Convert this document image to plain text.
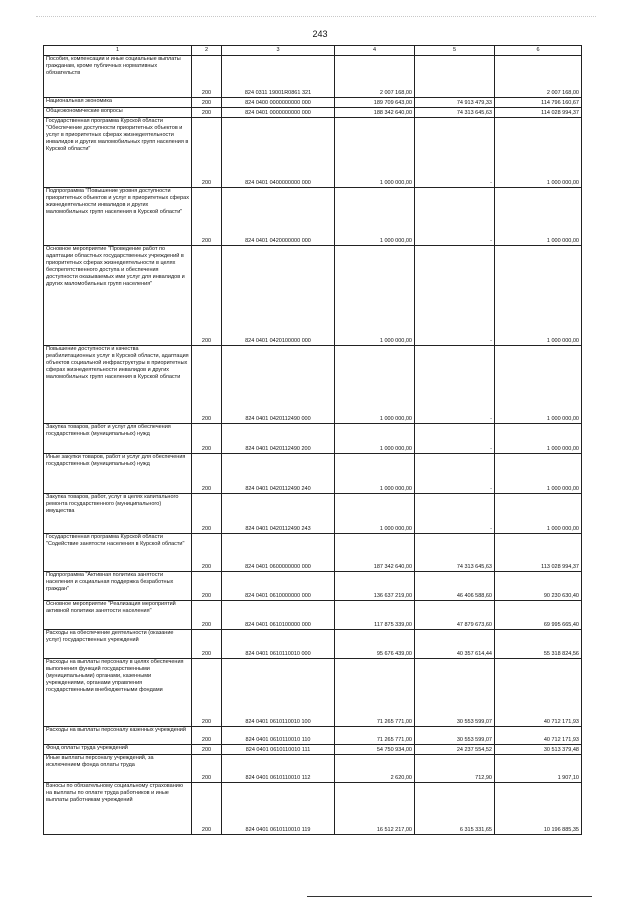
243
1	2	3	4	5	6
Пособия, компенсации и иные социальные выплаты гражданам, кроме публичных нормативных обязательств	200	824 0311 19001R0861 321	2 007 168,00		2 007 168,00
Национальная экономика	200	824 0400 0000000000 000	189 709 643,00	74 913 479,33	114 796 160,67
Общеэкономические вопросы	200	824 0401 0000000000 000	188 342 640,00	74 313 645,63	114 028 994,37
Государственная программа Курской области "Обеспечение доступности приоритетных объектов и услуг в приоритетных сферах жизнедеятельности инвалидов и других маломобильных групп населения в Курской области"	200	824 0401 0400000000 000	1 000 000,00	-	1 000 000,00
Подпрограмма "Повышение уровня доступности приоритетных объектов и услуг в приоритетных сферах жизнедеятельности инвалидов и других маломобильных групп населения в Курской области"	200	824 0401 0420000000 000	1 000 000,00	-	1 000 000,00
Основное мероприятие "Проведение работ по адаптации областных государственных учреждений в приоритетных сферах жизнедеятельности в целях беспрепятственного доступа и обеспечения доступности оказываемых ими услуг для инвалидов и других маломобильных групп населения"	200	824 0401 0420100000 000	1 000 000,00	-	1 000 000,00
Повышение доступности и качества реабилитационных услуг в Курской области, адаптация объектов социальной инфраструктуры в приоритетных сферах жизнедеятельности инвалидов и других маломобильных групп населения в Курской области	200	824 0401 0420112490 000	1 000 000,00	-	1 000 000,00
Закупка товаров, работ и услуг для обеспечения государственных (муниципальных) нужд	200	824 0401 0420112490 200	1 000 000,00	-	1 000 000,00
Иные закупки товаров, работ и услуг для обеспечения государственных (муниципальных) нужд	200	824 0401 0420112490 240	1 000 000,00	-	1 000 000,00
Закупка товаров, работ, услуг в целях капитального ремонта государственного (муниципального) имущества	200	824 0401 0420112490 243	1 000 000,00	-	1 000 000,00
Государственная программа Курской области "Содействие занятости населения в Курской области"	200	824 0401 0600000000 000	187 342 640,00	74 313 645,63	113 028 994,37
Подпрограмма "Активная политика занятости населения и социальная поддержка безработных граждан"	200	824 0401 0610000000 000	136 637 219,00	46 406 588,60	90 230 630,40
Основное мероприятие "Реализация мероприятий активной политики занятости населения"	200	824 0401 0610100000 000	117 875 339,00	47 879 673,60	69 995 665,40
Расходы на обеспечение деятельности (оказание услуг) государственных учреждений	200	824 0401 0610110010 000	95 676 439,00	40 357 614,44	55 318 824,56
Расходы на выплаты персоналу в целях обеспечения выполнения функций государственными (муниципальными) органами, казенными учреждениями, органами управления государственными внебюджетными фондами	200	824 0401 0610110010 100	71 265 771,00	30 553 599,07	40 712 171,93
Расходы на выплаты персоналу казенных учреждений	200	824 0401 0610110010 110	71 265 771,00	30 553 599,07	40 712 171,93
Фонд оплаты труда учреждений	200	824 0401 0610110010 111	54 750 934,00	24 237 554,52	30 513 379,48
Иные выплаты персоналу учреждений, за исключением фонда оплаты труда	200	824 0401 0610110010 112	2 620,00	712,90	1 907,10
Взносы по обязательному социальному страхованию на выплаты по оплате труда работников и иные выплаты работникам учреждений	200	824 0401 0610110010 119	16 512 217,00	6 315 331,65	10 196 885,35
